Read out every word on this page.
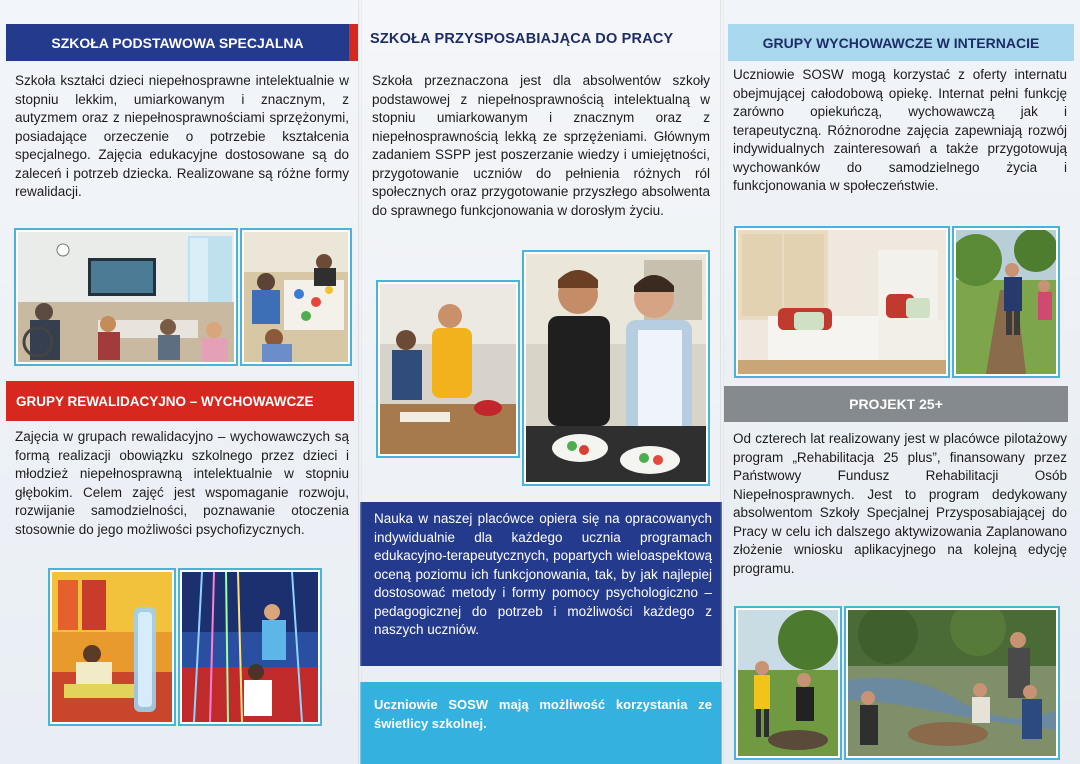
SZKOŁA PODSTAWOWA SPECJALNA
Szkoła kształci dzieci niepełnosprawne intelektualnie w stopniu lekkim, umiarkowanym i znacznym, z autyzmem oraz z niepełnosprawnościami sprzężonymi, posiadające orzeczenie o potrzebie kształcenia specjalnego. Zajęcia edukacyjne dostosowane są do zaleceń i potrzeb dziecka. Realizowane są różne formy rewalidacji.
GRUPY REWALIDACYJNO – WYCHOWAWCZE
Zajęcia w grupach rewalidacyjno – wychowawczych są formą realizacji obowiązku szkolnego przez dzieci i młodzież niepełnosprawną intelektualnie w stopniu głębokim. Celem zajęć jest wspomaganie rozwoju, rozwijanie samodzielności, poznawanie otoczenia stosownie do jego możliwości psychofizycznych.
SZKOŁA PRZYSPOSABIAJĄCA DO PRACY
Szkoła przeznaczona jest dla absolwentów szkoły podstawowej z niepełnosprawnością intelektualną w stopniu umiarkowanym i znacznym oraz z niepełnosprawnością lekką ze sprzężeniami. Głównym zadaniem SSPP jest poszerzanie wiedzy i umiejętności, przygotowanie uczniów do pełnienia różnych ról społecznych oraz przygotowanie przyszłego absolwenta do sprawnego funkcjonowania w dorosłym życiu.
Nauka w naszej placówce opiera się na opracowanych indywidualnie dla każdego ucznia programach edukacyjno-terapeutycznych, popartych wieloaspektową oceną poziomu ich funkcjonowania, tak, by jak najlepiej dostosować metody i formy pomocy psychologiczno – pedagogicznej do potrzeb i możliwości każdego z naszych uczniów.
Uczniowie SOSW mają możliwość korzystania ze świetlicy szkolnej.
GRUPY WYCHOWAWCZE W INTERNACIE
Uczniowie SOSW mogą korzystać z oferty internatu obejmującej całodobową opiekę. Internat pełni funkcję zarówno opiekuńczą, wychowawczą jak i terapeutyczną. Różnorodne zajęcia zapewniają rozwój indywidualnych zainteresowań a także przygotowują wychowanków do samodzielnego życia i funkcjonowania w społeczeństwie.
PROJEKT 25+
Od czterech lat realizowany jest w placówce pilotażowy program „Rehabilitacja 25 plus”, finansowany przez Państwowy Fundusz Rehabilitacji Osób Niepełnosprawnych. Jest to program dedykowany absolwentom Szkoły Specjalnej Przysposabiającej do Pracy w celu ich dalszego aktywizowania Zaplanowano złożenie wniosku aplikacyjnego na kolejną edycję programu.
